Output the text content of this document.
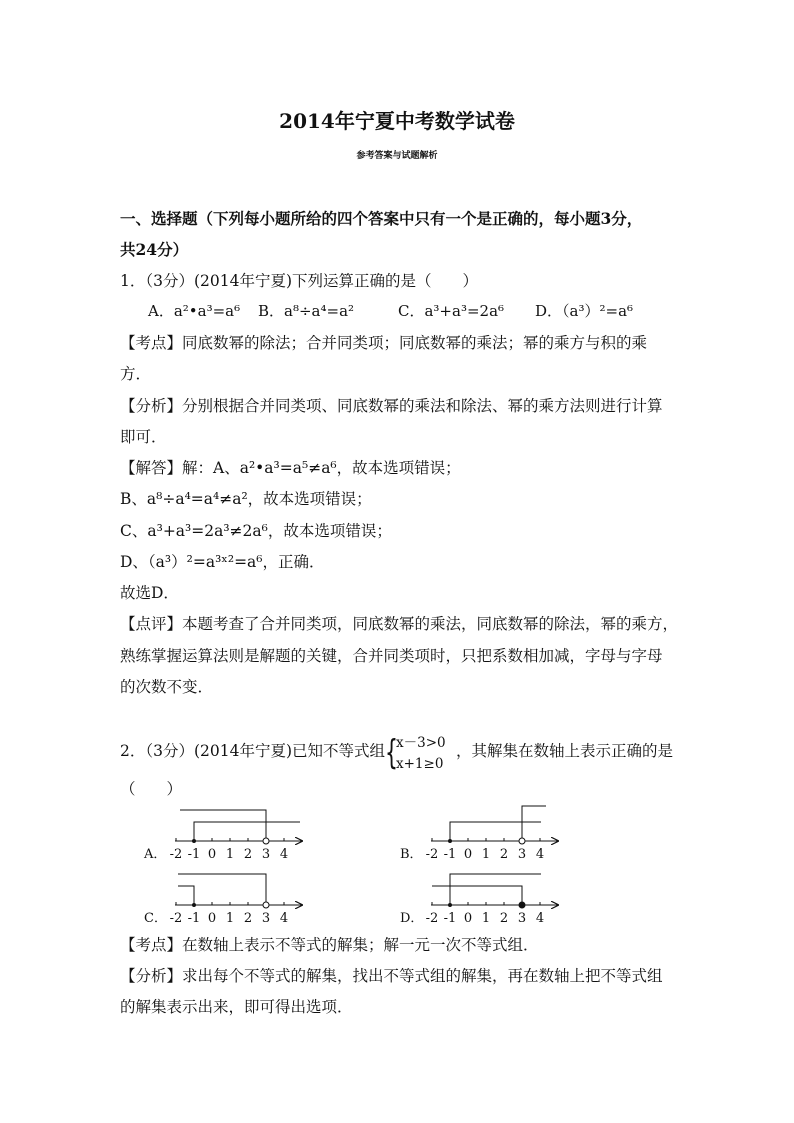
2014年宁夏中考数学试卷
参考答案与试题解析
一、选择题（下列每小题所给的四个答案中只有一个是正确的，每小题3分，
共24分）
1．（3分）(2014年宁夏)下列运算正确的是（　　）
A．a²•a³=a⁶ B．a⁸÷a⁴=a²	C．a³+a³=2a⁶ D．（a³）²=a⁶
【考点】同底数幂的除法；合并同类项；同底数幂的乘法；幂的乘方与积的乘
方．
【分析】分别根据合并同类项、同底数幂的乘法和除法、幂的乘方法则进行计算
即可．
【解答】解：A、a²•a³=a⁵≠a⁶，故本选项错误；
B、a⁸÷a⁴=a⁴≠a²，故本选项错误；
C、a³+a³=2a³≠2a⁶，故本选项错误；
D、（a³）²=a³ˣ²=a⁶，正确．
故选D．
【点评】本题考查了合并同类项，同底数幂的乘法，同底数幂的除法，幂的乘方，
熟练掌握运算法则是解题的关键，合并同类项时，只把系数相加减，字母与字母
的次数不变．
2．（3分）(2014年宁夏)已知不等式组 {
x－3>0
x+1≥0
，其解集在数轴上表示正确的是
（　　）
A． -2 -1 0 1 2 3 4	B． -2 -1 0 1 2 3 4
C． -2 -1 0 1 2 3 4	D． -2 -1 0 1 2 3 4
【考点】在数轴上表示不等式的解集；解一元一次不等式组．
【分析】求出每个不等式的解集，找出不等式组的解集，再在数轴上把不等式组
的解集表示出来，即可得出选项．
